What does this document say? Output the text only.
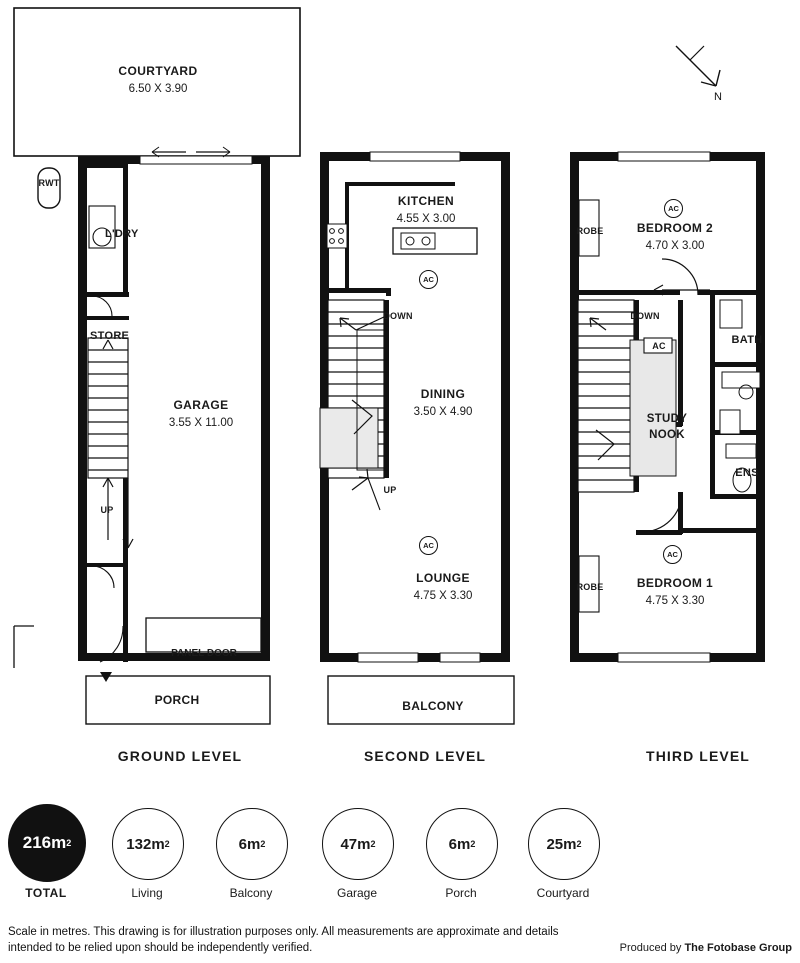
N
COURTYARD
6.50 X 3.90
RWT
L'DRY
STORE
GARAGE
3.55 X 11.00
PANEL DOOR
PORCH
UP
GROUND LEVEL
KITCHEN
4.55 X 3.00
AC
DOWN
DINING
3.50 X 4.90
UP
AC
LOUNGE
4.75 X 3.30
BALCONY
SECOND LEVEL
ROBE
AC
BEDROOM 2
4.70 X 3.00
DOWN
AC	BATH
STUDY
NOOK
ENS
AC
ROBE	BEDROOM 1
4.75 X 3.30
THIRD LEVEL
216 m 2
TOTAL
132 m 2
Living
6 m 2
Balcony
47 m 2
Garage
6 m 2
Porch
25 m 2
Courtyard
Scale in metres. This drawing is for illustration purposes only. All measurements are approximate and details intended to be relied upon should be independently verified.	Produced by The Fotobase Group
